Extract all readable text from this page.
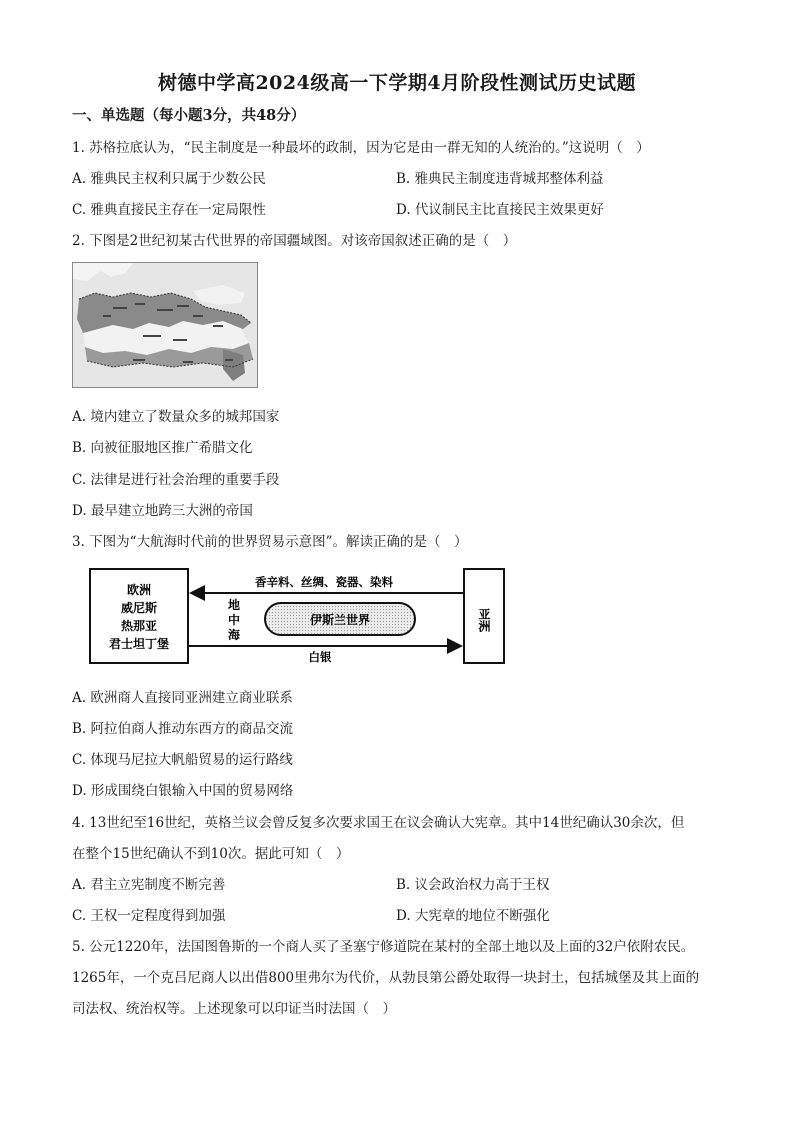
树德中学高2024级高一下学期4月阶段性测试历史试题
一、单选题（每小题3分，共48分）
1. 苏格拉底认为，“民主制度是一种最坏的政制，因为它是由一群无知的人统治的。”这说明（　）
A. 雅典民主权利只属于少数公民	B. 雅典民主制度违背城邦整体利益
C. 雅典直接民主存在一定局限性	D. 代议制民主比直接民主效果更好
2. 下图是2世纪初某古代世界的帝国疆域图。对该帝国叙述正确的是（　）
A. 境内建立了数量众多的城邦国家
B. 向被征服地区推广希腊文化
C. 法律是进行社会治理的重要手段
D. 最早建立地跨三大洲的帝国
3. 下图为“大航海时代前的世界贸易示意图”。解读正确的是（　）
欧洲
威尼斯
热那亚
君士坦丁堡
亚洲
香辛料、丝绸、瓷器、染料
白银
地
中
海
伊斯兰世界
A. 欧洲商人直接同亚洲建立商业联系
B. 阿拉伯商人推动东西方的商品交流
C. 体现马尼拉大帆船贸易的运行路线
D. 形成围绕白银输入中国的贸易网络
4. 13世纪至16世纪，英格兰议会曾反复多次要求国王在议会确认大宪章。其中14世纪确认30余次，但
在整个15世纪确认不到10次。据此可知（　）
A. 君主立宪制度不断完善	B. 议会政治权力高于王权
C. 王权一定程度得到加强	D. 大宪章的地位不断强化
5. 公元1220年，法国图鲁斯的一个商人买了圣塞宁修道院在某村的全部土地以及上面的32户依附农民。
1265年，一个克吕尼商人以出借800里弗尔为代价，从勃艮第公爵处取得一块封土，包括城堡及其上面的
司法权、统治权等。上述现象可以印证当时法国（　）
